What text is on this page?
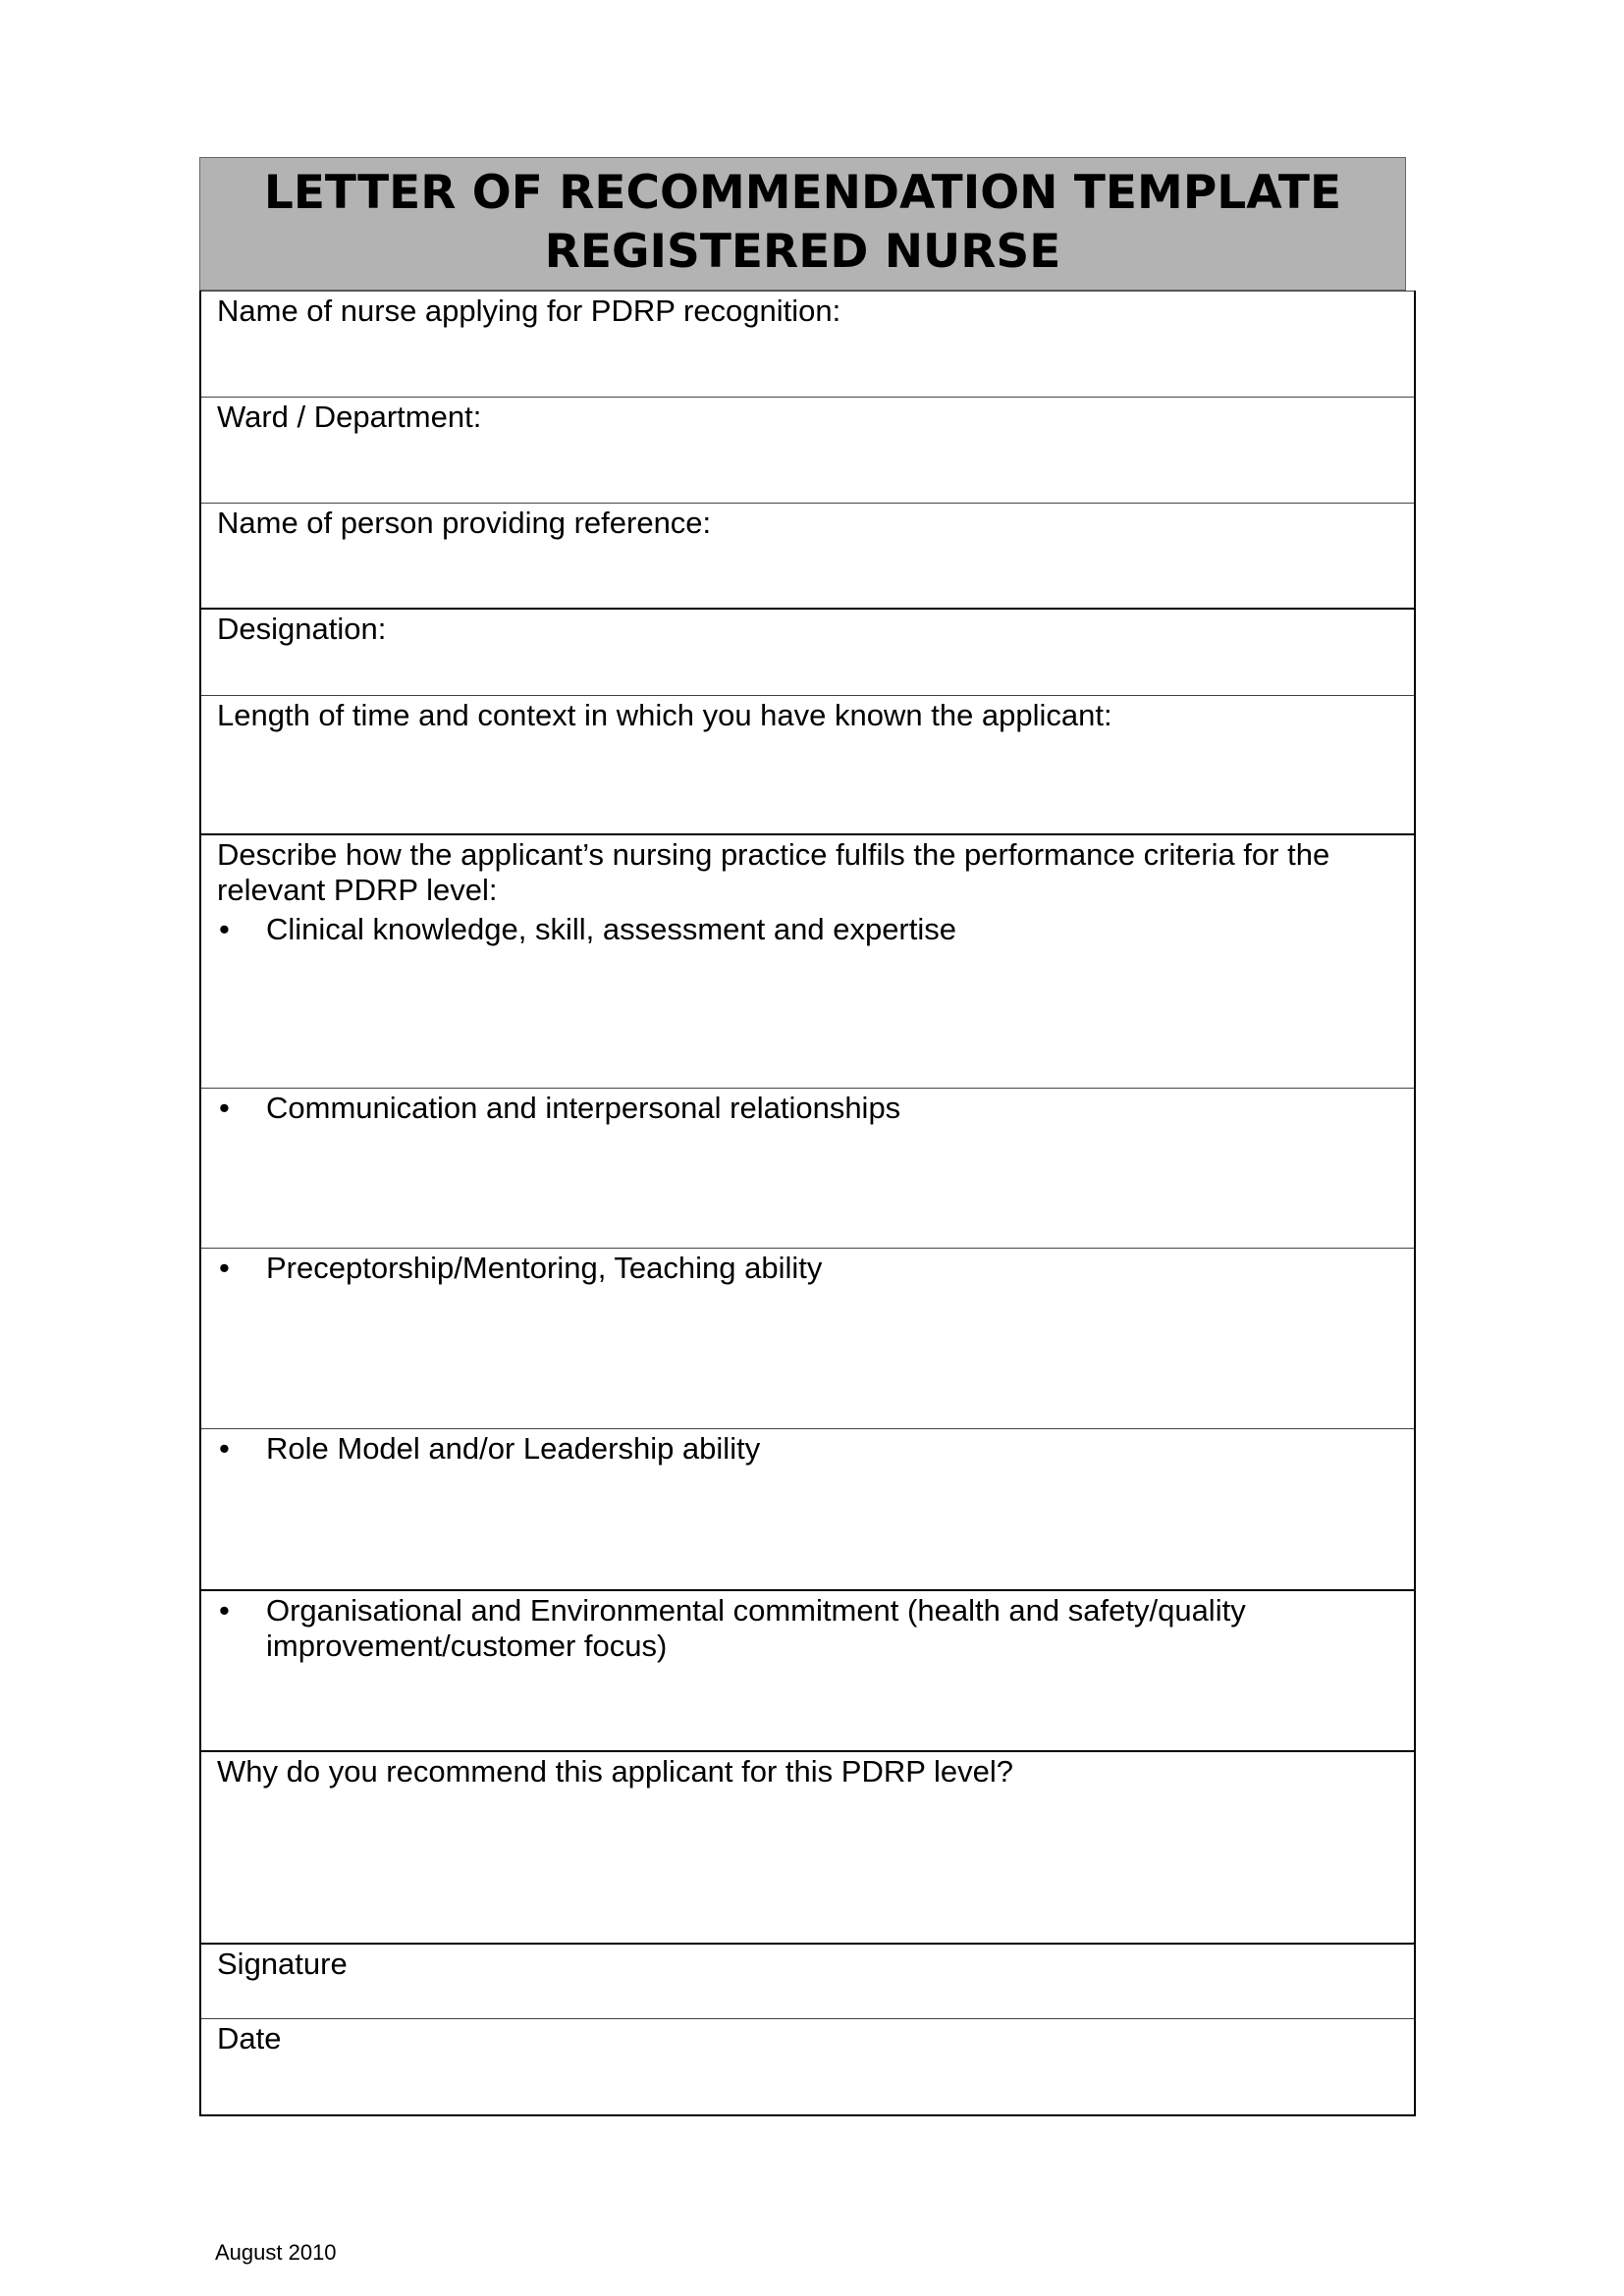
LETTER OF RECOMMENDATION TEMPLATE
REGISTERED NURSE
Name of nurse applying for PDRP recognition:
Ward / Department:
Name of person providing reference:
Designation:
Length of time and context in which you have known the applicant:
Describe how the applicant’s nursing practice fulfils the performance criteria for the
relevant PDRP level:
•	Clinical knowledge, skill, assessment and expertise
•	Communication and interpersonal relationships
•	Preceptorship/Mentoring, Teaching ability
•	Role Model and/or Leadership ability
•	Organisational and Environmental commitment (health and safety/quality
improvement/customer focus)
Why do you recommend this applicant for this PDRP level?
Signature
Date
August 2010
